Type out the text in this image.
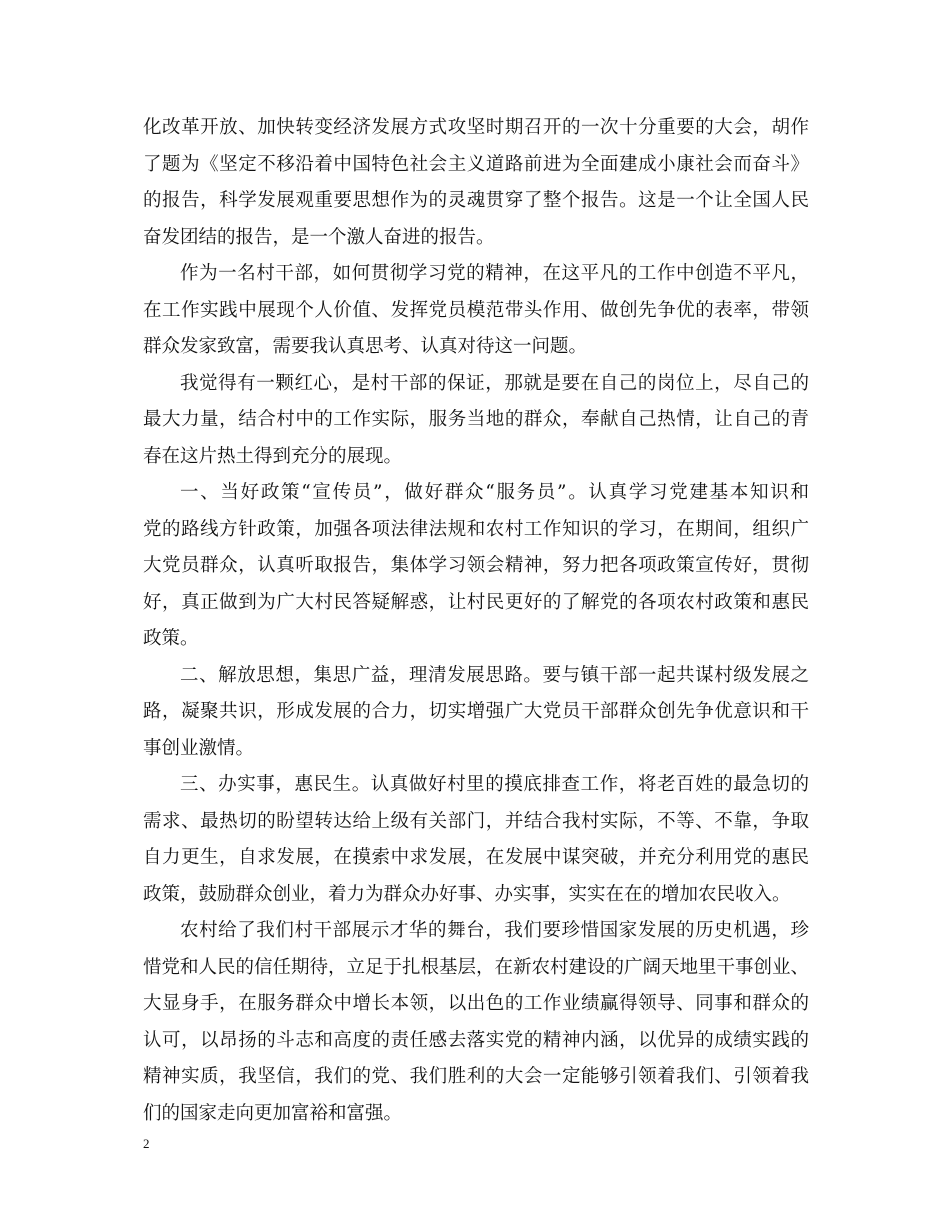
化改革开放、加快转变经济发展方式攻坚时期召开的一次十分重要的大会，胡作
了题为《坚定不移沿着中国特色社会主义道路前进为全面建成小康社会而奋斗》
的报告，科学发展观重要思想作为的灵魂贯穿了整个报告。这是一个让全国人民
奋发团结的报告，是一个激人奋进的报告。
作为一名村干部，如何贯彻学习党的精神，在这平凡的工作中创造不平凡，
在工作实践中展现个人价值、发挥党员模范带头作用、做创先争优的表率，带领
群众发家致富，需要我认真思考、认真对待这一问题。
我觉得有一颗红心，是村干部的保证，那就是要在自己的岗位上，尽自己的
最大力量，结合村中的工作实际，服务当地的群众，奉献自己热情，让自己的青
春在这片热土得到充分的展现。
一、当好政策“宣传员”，做好群众“服务员”。认真学习党建基本知识和
党的路线方针政策，加强各项法律法规和农村工作知识的学习，在期间，组织广
大党员群众，认真听取报告，集体学习领会精神，努力把各项政策宣传好，贯彻
好，真正做到为广大村民答疑解惑，让村民更好的了解党的各项农村政策和惠民
政策。
二、解放思想，集思广益，理清发展思路。要与镇干部一起共谋村级发展之
路，凝聚共识，形成发展的合力，切实增强广大党员干部群众创先争优意识和干
事创业激情。
三、办实事，惠民生。认真做好村里的摸底排查工作，将老百姓的最急切的
需求、最热切的盼望转达给上级有关部门，并结合我村实际，不等、不靠，争取
自力更生，自求发展，在摸索中求发展，在发展中谋突破，并充分利用党的惠民
政策，鼓励群众创业，着力为群众办好事、办实事，实实在在的增加农民收入。
农村给了我们村干部展示才华的舞台，我们要珍惜国家发展的历史机遇，珍
惜党和人民的信任期待，立足于扎根基层，在新农村建设的广阔天地里干事创业、
大显身手，在服务群众中增长本领，以出色的工作业绩赢得领导、同事和群众的
认可，以昂扬的斗志和高度的责任感去落实党的精神内涵，以优异的成绩实践的
精神实质，我坚信，我们的党、我们胜利的大会一定能够引领着我们、引领着我
们的国家走向更加富裕和富强。
2
